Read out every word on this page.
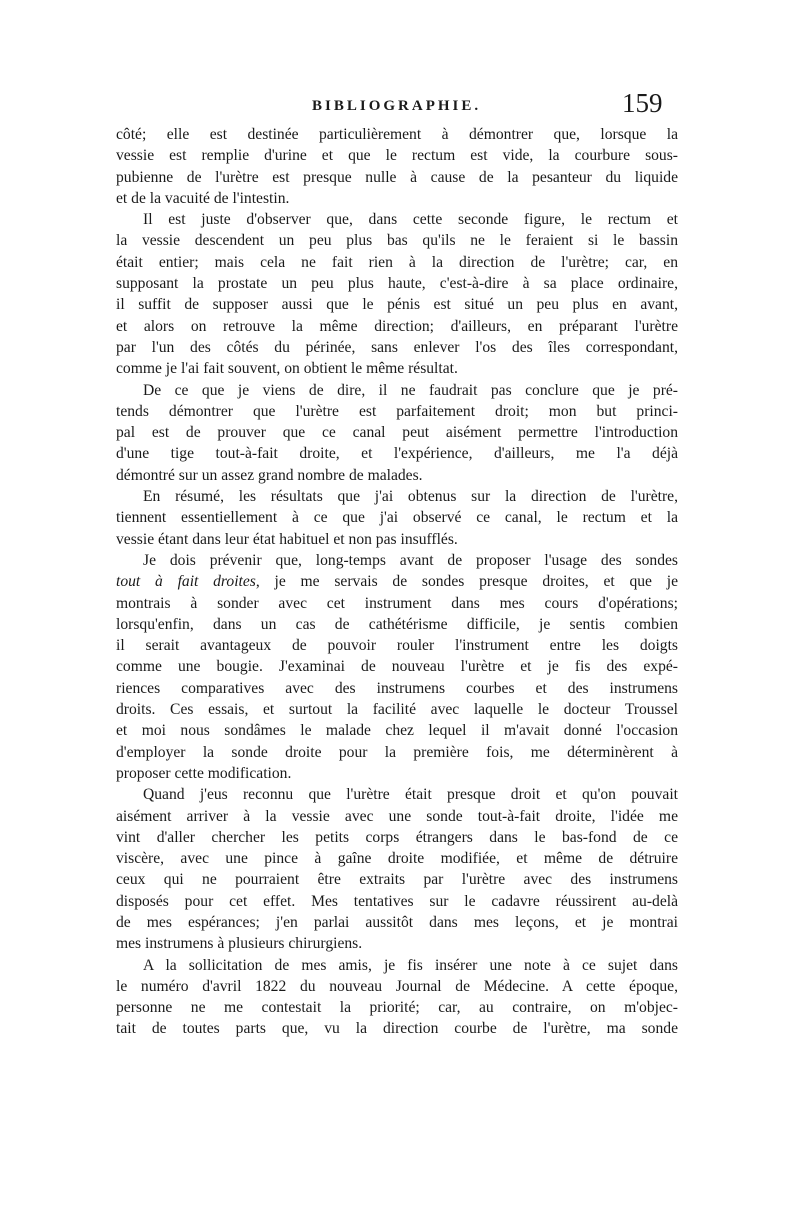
BIBLIOGRAPHIE.	159
côté; elle est destinée particulièrement à démontrer que, lorsque la
vessie est remplie d'urine et que le rectum est vide, la courbure sous-
pubienne de l'urètre est presque nulle à cause de la pesanteur du liquide
et de la vacuité de l'intestin.
Il est juste d'observer que, dans cette seconde figure, le rectum et
la vessie descendent un peu plus bas qu'ils ne le feraient si le bassin
était entier; mais cela ne fait rien à la direction de l'urètre; car, en
supposant la prostate un peu plus haute, c'est-à-dire à sa place ordinaire,
il suffit de supposer aussi que le pénis est situé un peu plus en avant,
et alors on retrouve la même direction; d'ailleurs, en préparant l'urètre
par l'un des côtés du périnée, sans enlever l'os des îles correspondant,
comme je l'ai fait souvent, on obtient le même résultat.
De ce que je viens de dire, il ne faudrait pas conclure que je pré-
tends démontrer que l'urètre est parfaitement droit; mon but princi-
pal est de prouver que ce canal peut aisément permettre l'introduction
d'une tige tout-à-fait droite, et l'expérience, d'ailleurs, me l'a déjà
démontré sur un assez grand nombre de malades.
En résumé, les résultats que j'ai obtenus sur la direction de l'urètre,
tiennent essentiellement à ce que j'ai observé ce canal, le rectum et la
vessie étant dans leur état habituel et non pas insufflés.
Je dois prévenir que, long-temps avant de proposer l'usage des sondes
tout à fait droites, je me servais de sondes presque droites, et que je
montrais à sonder avec cet instrument dans mes cours d'opérations;
lorsqu'enfin, dans un cas de cathétérisme difficile, je sentis combien
il serait avantageux de pouvoir rouler l'instrument entre les doigts
comme une bougie. J'examinai de nouveau l'urètre et je fis des expé-
riences comparatives avec des instrumens courbes et des instrumens
droits. Ces essais, et surtout la facilité avec laquelle le docteur Troussel
et moi nous sondâmes le malade chez lequel il m'avait donné l'occasion
d'employer la sonde droite pour la première fois, me déterminèrent à
proposer cette modification.
Quand j'eus reconnu que l'urètre était presque droit et qu'on pouvait
aisément arriver à la vessie avec une sonde tout-à-fait droite, l'idée me
vint d'aller chercher les petits corps étrangers dans le bas-fond de ce
viscère, avec une pince à gaîne droite modifiée, et même de détruire
ceux qui ne pourraient être extraits par l'urètre avec des instrumens
disposés pour cet effet. Mes tentatives sur le cadavre réussirent au-delà
de mes espérances; j'en parlai aussitôt dans mes leçons, et je montrai
mes instrumens à plusieurs chirurgiens.
A la sollicitation de mes amis, je fis insérer une note à ce sujet dans
le numéro d'avril 1822 du nouveau Journal de Médecine. A cette époque,
personne ne me contestait la priorité; car, au contraire, on m'objec-
tait de toutes parts que, vu la direction courbe de l'urètre, ma sonde
